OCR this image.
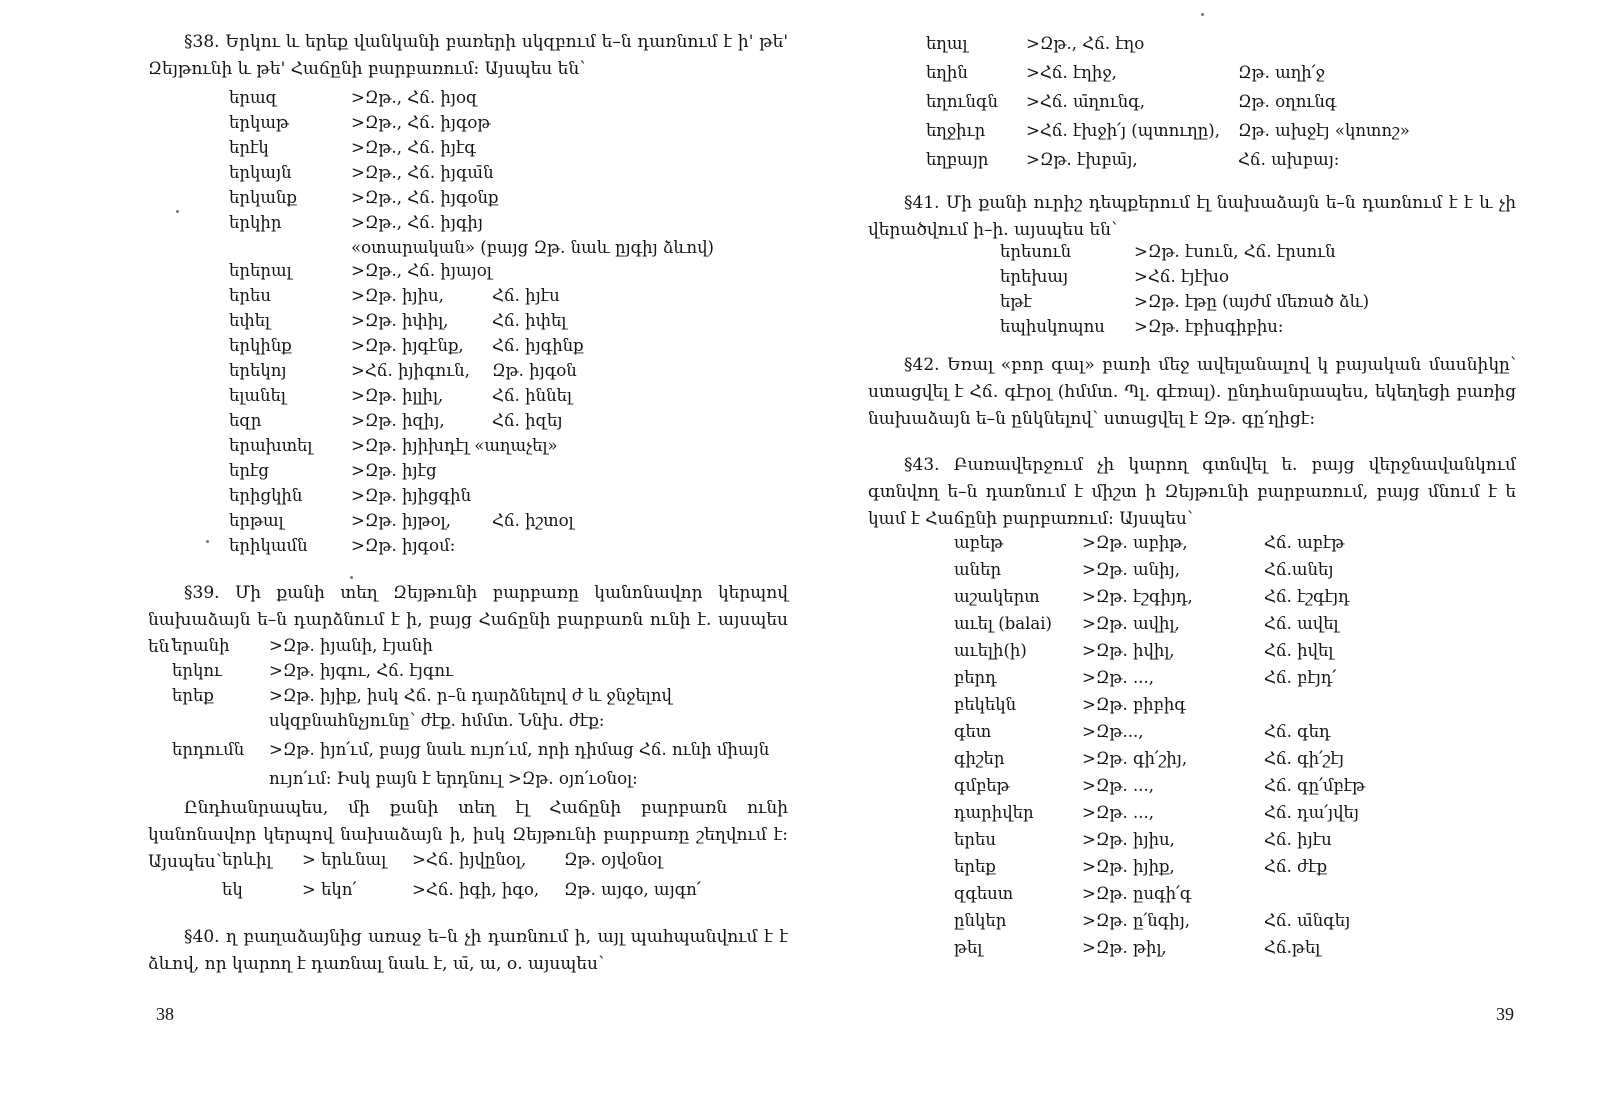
§38. Երկու և երեք վանկանի բառերի սկզբում ե–ն դառնում է ի' թե' Զեյթունի և թե' Հաճընի բարբառում: Այսպես են՝
երազ	>Զթ., Հճ. իյօզ
երկաթ	>Զթ., Հճ. իյգօթ
երէկ	>Զթ., Հճ. իյէգ
երկայն	>Զթ., Հճ. իյգա̄ն
երկանք	>Զթ., Հճ. իյգօնք
երկիր	>Զթ., Հճ. իյգիյ
«օտարական» (բայց Զթ. նաև ըյգիյ ձևով)
երերալ	>Զթ., Հճ. իյայօլ
երես	>Զթ. իյիս,	Հճ. իյէս
եփել	>Զթ. իփիլ,	Հճ. իփել
երկինք	>Զթ. իյգէնք, Հճ. իյգինք
երեկոյ	>Հճ. իյիգուն, Զթ. իյգօն
ելանել	>Զթ. իլլիլ,	Հճ. իննել
եզր	>Զթ. իզիյ,	Հճ. իզեյ
երախտել >Զթ. իյիխդէլ «աղաչել»
երէց	>Զթ. իյէց
երիցկին	>Զթ. իյիցգին
երթալ	>Զթ. իյթօլ, Հճ. իշտօլ
երիկամն	>Զթ. իյգօմ:
§39. Մի քանի տեղ Զեյթունի բարբառը կանոնավոր կերպով նախաձայն ե–ն դարձնում է ի, բայց Հաճընի բարբառն ունի է. այսպես են՝
երանի >Զթ. իյանի, էյանի
երկու	>Զթ. իյգու, Հճ. էյգու
երեք	>Զթ. իյիք, իսկ Հճ. ր–ն դարձնելով ժ և ջնջելով
սկզբնահնչյունը՝ ժէք. հմմտ. Ննխ. ժէք:
երդումն >Զթ. իյո՛ւմ, բայց նաև ույո՛ւմ, որի դիմաց Հճ. ունի միայն
ույո՛ւմ: Իսկ բայն է երդնուլ >Զթ. օյո՛ւօնօլ:
Ընդհանրապես, մի քանի տեղ էլ Հաճընի բարբառն ունի կանոնավոր կերպով նախաձայն ի, իսկ Զեյթունի բարբառը շեղվում է: Այսպես՝ երևիլ > երևնալ >Հճ. իյվընօլ, Զթ. օյվօնօլ
եկ	> եկո՛	>Հճ. իգի, իգօ, Զթ. այգօ, այգո՛
§40. ղ բաղաձայնից առաջ ե–ն չի դառնում ի, այլ պահպանվում է է ձևով, որ կարող է դառնալ նաև է, ա̄, ա, օ. այսպես՝
38
եղալ	>Զթ., Հճ. էղօ
եղին	>Հճ. էղիջ,	Զթ. աղի՛ջ
եղունգն >Հճ. ա̄ղունգ,	Զթ. օղունգ
եղջիւր >Հճ. էխջի՛յ (պտուղը), Զթ. ախջէյ «կոտոշ»
եղբայր >Զթ. էխբա̄յ,	Հճ. ախբայ:
§41. Մի քանի ուրիշ դեպքերում էլ նախաձայն ե–ն դառնում է է և չի վերածվում ի–ի. այսպես են՝
երեսուն	>Զթ. էսուն, Հճ. էրսուն
երեխայ	>Հճ. էյէխօ
եթէ	>Զթ. էթը (այժմ մեռած ձև)
եպիսկոպոս >Զթ. էբիսգիբիս:
§42. Եռալ «բոր գալ» բառի մեջ ավելանալով կ բայական մասնիկը՝ ստացվել է Հճ. գէրօլ (հմմտ. Պլ. գէռալ). ընդհանրապես, եկեղեցի բառից նախաձայն ե–ն ընկնելով՝ ստացվել է Զթ. գը՛ղիցէ:
§43. Բառավերջում չի կարող գտնվել ե. բայց վերջնավանկում գտնվող ե–ն դառնում է միշտ ի Զեյթունի բարբառում, բայց մնում է ե կամ է Հաճընի բարբառում: Այսպես՝
աբեթ	>Զթ. աբիթ,	Հճ. աբէթ
աներ	>Զթ. անիյ,	Հճ.անեյ
աշակերտ	>Զթ. էշգիյդ,	Հճ. էշգէյդ
աւել (balai) >Զթ. ավիլ,	Հճ. ավել
աւելի(ի)	>Զթ. իվիլ,	Հճ. իվել
բերդ	>Զթ. ...,	Հճ. բէյդ՛
բեկեկն	>Զթ. բիբիգ
գետ	>Զթ...,	Հճ. գեդ
գիշեր	>Զթ. գի՛շիյ,	Հճ. գի՛շէյ
գմբեթ	>Զթ. ...,	Հճ. գը՛մբէթ
դարիվեր	>Զթ. ...,	Հճ. դա՛յվեյ
երես	>Զթ. իյիս,	Հճ. իյէս
երեք	>Զթ. իյիք,	Հճ. ժէք
զգեստ	>Զթ. ըսգի՛գ
ընկեր	>Զթ. ը՛նգիյ,	Հճ. ա̄նգեյ
թել	>Զթ. թիլ,	Հճ.թել
39
